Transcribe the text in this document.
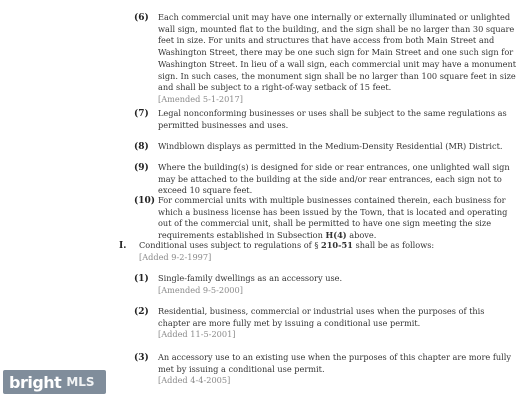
(6) Each commercial unit may have one internally or externally illuminated or unlighted wall sign, mounted flat to the building, and the sign shall be no larger than 30 square feet in size. For units and structures that have access from both Main Street and Washington Street, there may be one such sign for Main Street and one such sign for Washington Street. In lieu of a wall sign, each commercial unit may have a monument sign. In such cases, the monument sign shall be no larger than 100 square feet in size and shall be subject to a right-of-way setback of 15 feet.
[Amended 5-1-2017]
(7) Legal nonconforming businesses or uses shall be subject to the same regulations as permitted businesses and uses.
(8) Windblown displays as permitted in the Medium-Density Residential (MR) District.
(9) Where the building(s) is designed for side or rear entrances, one unlighted wall sign may be attached to the building at the side and/or rear entrances, each sign not to exceed 10 square feet.
(10) For commercial units with multiple businesses contained therein, each business for which a business license has been issued by the Town, that is located and operating out of the commercial unit, shall be permitted to have one sign meeting the size requirements established in Subsection H(4) above.
I. Conditional uses subject to regulations of § 210-51 shall be as follows:
[Added 9-2-1997]
(1) Single-family dwellings as an accessory use.
[Amended 9-5-2000]
(2) Residential, business, commercial or industrial uses when the purposes of this chapter are more fully met by issuing a conditional use permit.
[Added 11-5-2001]
(3) An accessory use to an existing use when the purposes of this chapter are more fully met by issuing a conditional use permit.
[Added 4-4-2005]
bright MLS
